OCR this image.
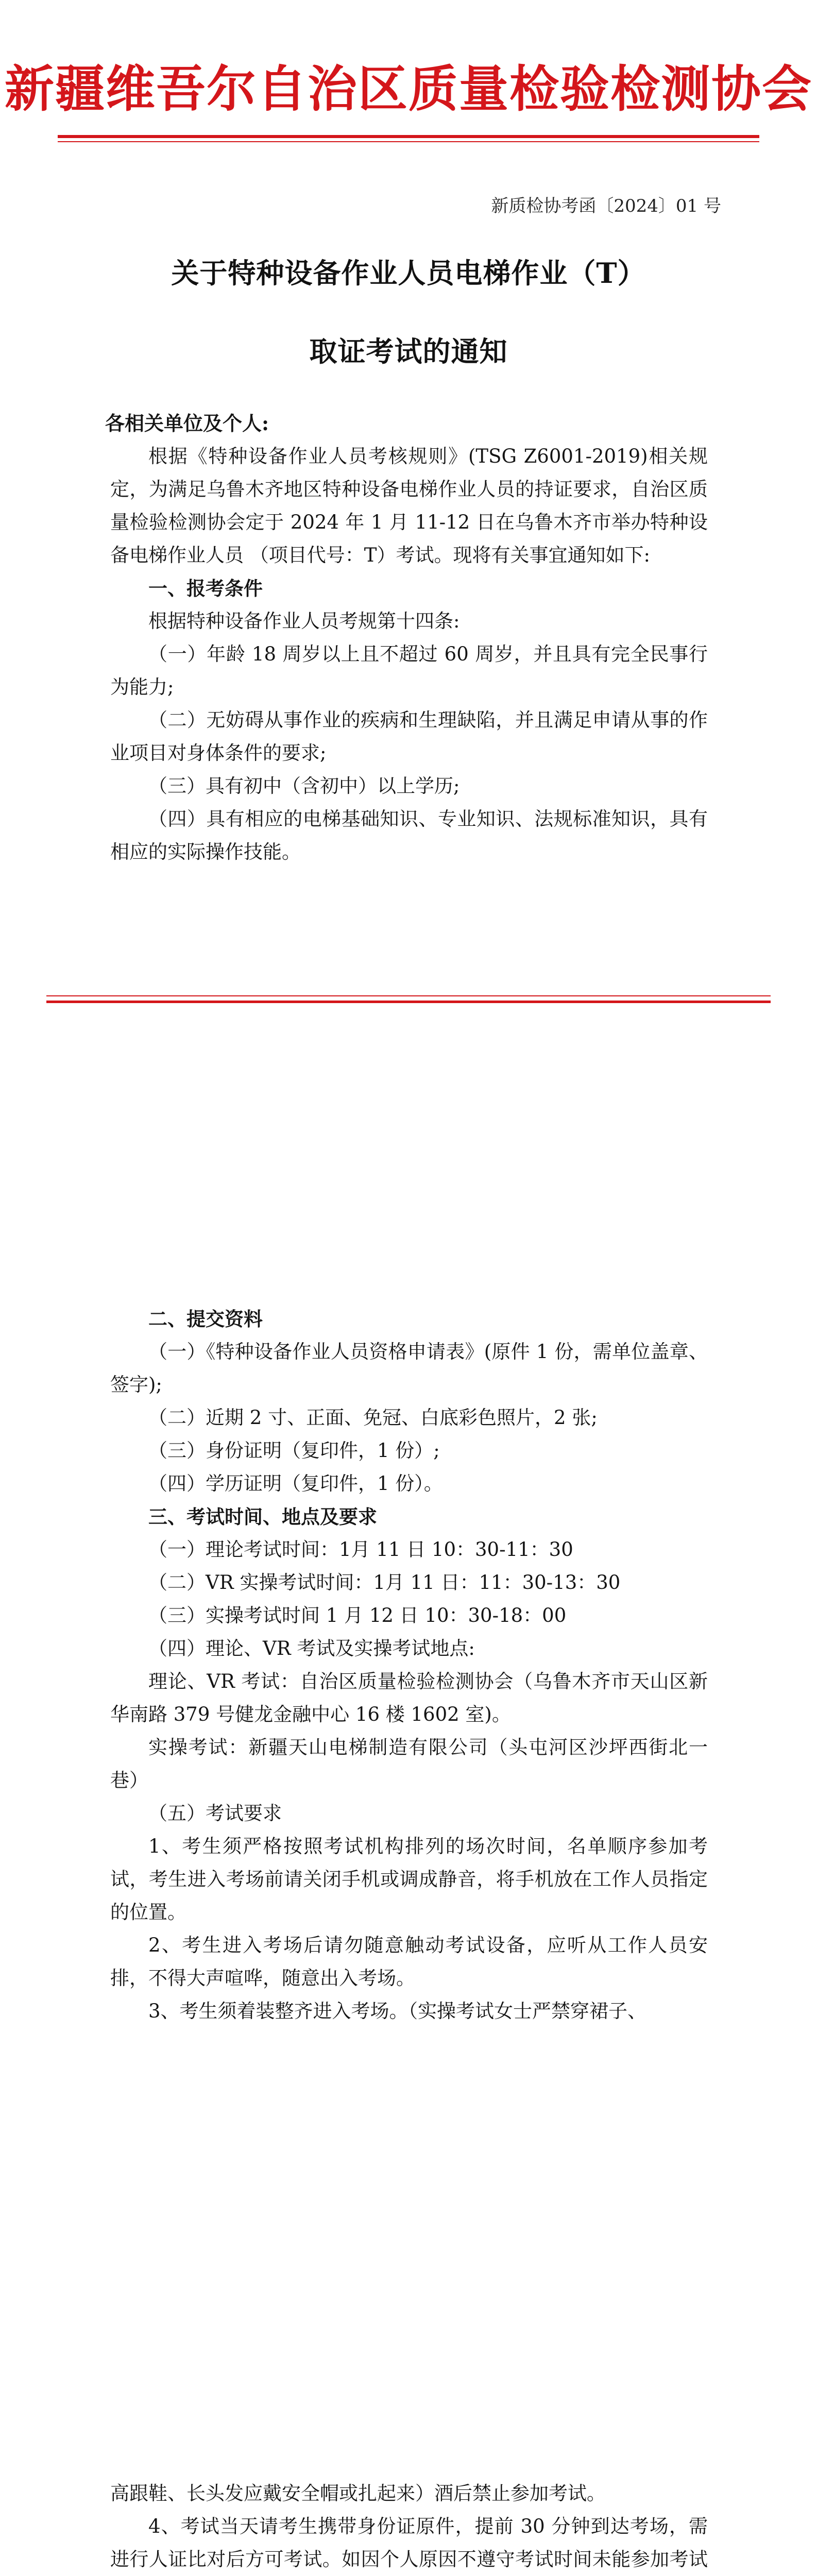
新疆维吾尔自治区质量检验检测协会
新质检协考函〔2024〕01 号
关于特种设备作业人员电梯作业（T）
取证考试的通知

各相关单位及个人:

根据《特种设备作业人员考核规则》(TSG Z6001-2019)相关规定，为满足乌鲁木齐地区特种设备电梯作业人员的持证要求，自治区质量检验检测协会定于 2024 年 1 月 11-12 日在乌鲁木齐市举办特种设备电梯作业人员 （项目代号：T）考试。现将有关事宜通知如下:

一、报考条件

根据特种设备作业人员考规第十四条:

（一）年龄 18 周岁以上且不超过 60 周岁，并且具有完全民事行为能力;

（二）无妨碍从事作业的疾病和生理缺陷，并且满足申请从事的作业项目对身体条件的要求;

（三）具有初中（含初中）以上学历;

（四）具有相应的电梯基础知识、专业知识、法规标准知识，具有相应的实际操作技能。

二、提交资料

（一）《特种设备作业人员资格申请表》(原件 1 份，需单位盖章、签字);

（二）近期 2 寸、正面、免冠、白底彩色照片，2 张;

（三）身份证明（复印件，1 份）;

（四）学历证明（复印件，1 份）。

三、考试时间、地点及要求

（一）理论考试时间：1月 11 日 10：30-11：30

（二）VR 实操考试时间：1月 11 日：11：30-13：30

（三）实操考试时间 1 月 12 日 10：30-18：00

（四）理论、VR 考试及实操考试地点:

理论、VR 考试：自治区质量检验检测协会（乌鲁木齐市天山区新华南路 379 号健龙金融中心 16 楼 1602 室)。

实操考试：新疆天山电梯制造有限公司（头屯河区沙坪西街北一巷）

（五）考试要求

1、考生须严格按照考试机构排列的场次时间，名单顺序参加考试，考生进入考场前请关闭手机或调成静音，将手机放在工作人员指定的位置。

2、考生进入考场后请勿随意触动考试设备，应听从工作人员安排，不得大声喧哗，随意出入考场。

3、考生须着装整齐进入考场。（实操考试女士严禁穿裙子、

高跟鞋、长头发应戴安全帽或扎起来）酒后禁止参加考试。

4、考试当天请考生携带身份证原件，提前 30 分钟到达考场，需进行人证比对后方可考试。如因个人原因不遵守考试时间未能参加考试
